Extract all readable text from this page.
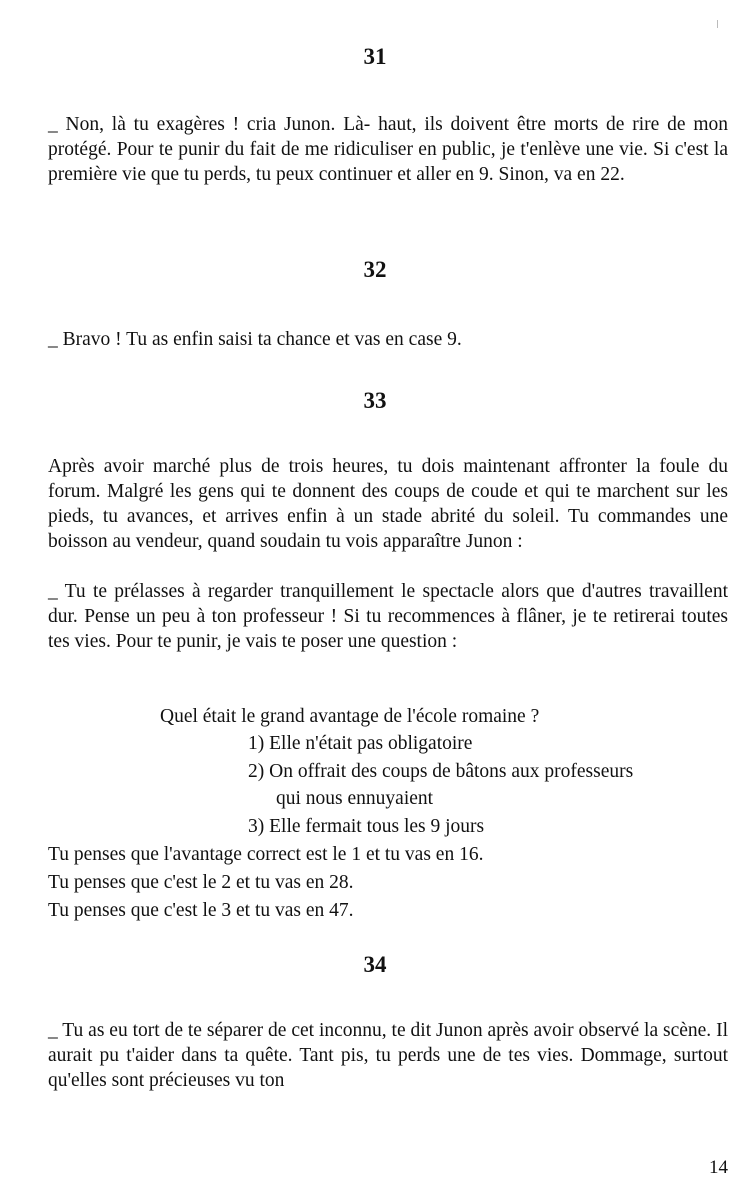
31

_ Non, là tu exagères ! cria Junon. Là- haut, ils doivent être morts de rire de mon protégé. Pour te punir du fait de me ridiculiser en public, je t'enlève une vie. Si c'est la première vie que tu perds, tu peux continuer et aller en 9. Sinon, va en 22.

32

_ Bravo ! Tu as enfin saisi ta chance et vas en case 9.

33

Après avoir marché plus de trois heures, tu dois maintenant affronter la foule du forum. Malgré les gens qui te donnent des coups de coude et qui te marchent sur les pieds, tu avances, et arrives enfin à un stade abrité du soleil. Tu commandes une boisson au vendeur, quand soudain tu vois apparaître Junon :

_ Tu te prélasses à regarder tranquillement le spectacle alors que d'autres travaillent dur. Pense un peu à ton professeur ! Si tu recommences à flâner, je te retirerai toutes tes vies. Pour te punir, je vais te poser une question :

Quel était le grand avantage de l'école romaine ?

1) Elle n'était pas obligatoire

2) On offrait des coups de bâtons aux professeurs

qui nous ennuyaient

3) Elle fermait tous les 9 jours

Tu penses que l'avantage correct est le 1 et tu vas en 16.

Tu penses que c'est le 2 et tu vas en 28.

Tu penses que c'est le 3 et tu vas en 47.

34

_ Tu as eu tort de te séparer de cet inconnu, te dit Junon après avoir observé la scène. Il aurait pu t'aider dans ta quête. Tant pis, tu perds une de tes vies. Dommage, surtout qu'elles sont précieuses vu ton

14
